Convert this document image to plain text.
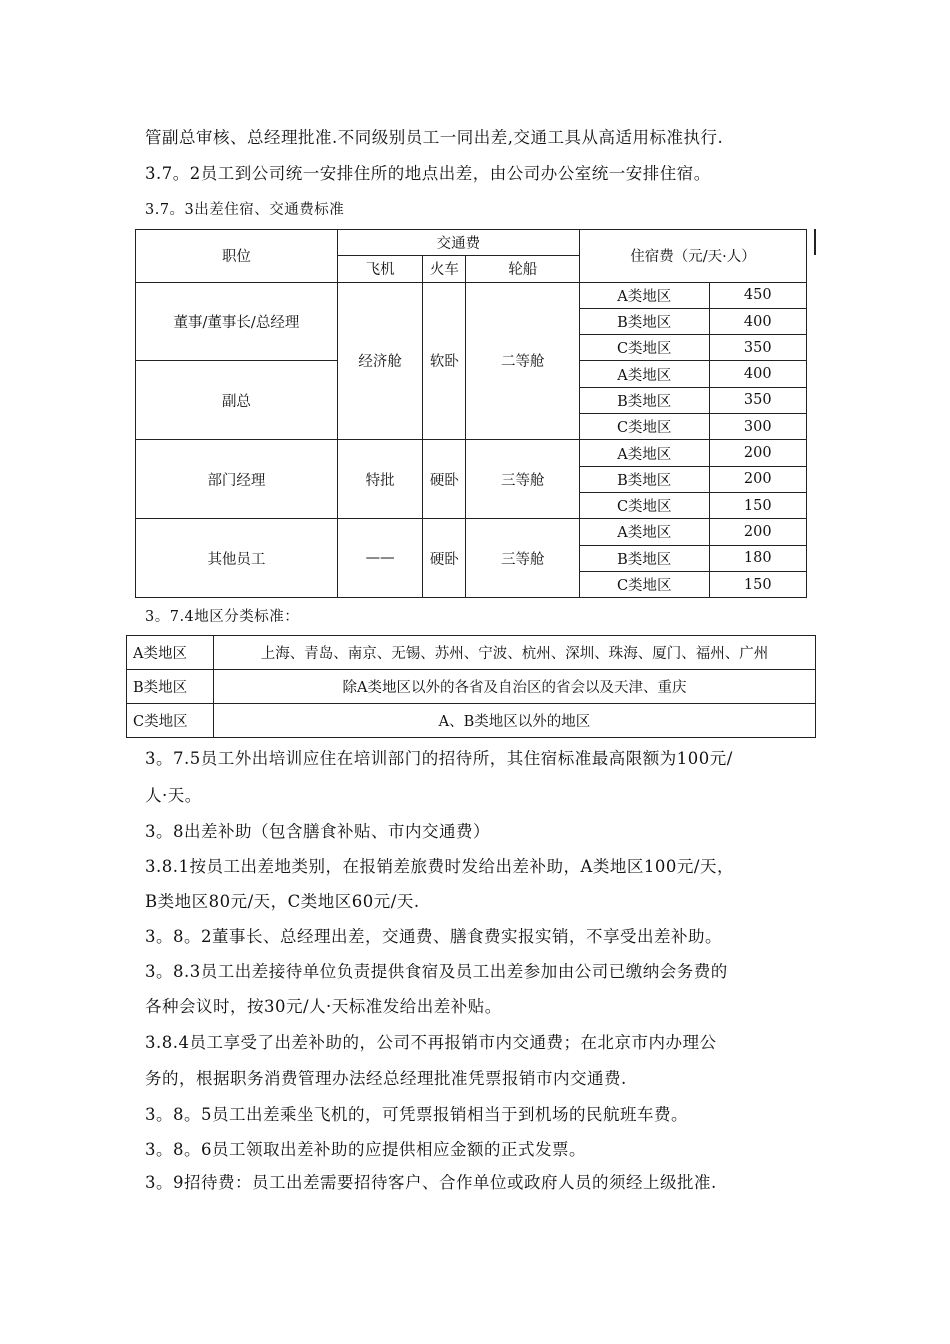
管副总审核、总经理批准.不同级别员工一同出差,交通工具从高适用标准执行.
3.7。2员工到公司统一安排住所的地点出差，由公司办公室统一安排住宿。
3.7。3出差住宿、交通费标准
职位	交通费			住宿费（元/天·人）	
	飞机	火车	轮船		
董事/董事长/总经理	经济舱	软卧	二等舱	A类地区	450
				B类地区	400
				C类地区	350
副总				A类地区	400
				B类地区	350
				C类地区	300
部门经理	特批	硬卧	三等舱	A类地区	200
				B类地区	200
				C类地区	150
其他员工	——	硬卧	三等舱	A类地区	200
				B类地区	180
				C类地区	150
3。7.4地区分类标准：
A类地区	上海、青岛、南京、无锡、苏州、宁波、杭州、深圳、珠海、厦门、福州、广州
B类地区	除A类地区以外的各省及自治区的省会以及天津、重庆
C类地区	A、B类地区以外的地区
3。7.5员工外出培训应住在培训部门的招待所，其住宿标准最高限额为100元/
人·天。
3。8出差补助（包含膳食补贴、市内交通费）
3.8.1按员工出差地类别，在报销差旅费时发给出差补助，A类地区100元/天，
B类地区80元/天，C类地区60元/天.
3。8。2董事长、总经理出差，交通费、膳食费实报实销，不享受出差补助。
3。8.3员工出差接待单位负责提供食宿及员工出差参加由公司已缴纳会务费的
各种会议时，按30元/人·天标准发给出差补贴。
3.8.4员工享受了出差补助的，公司不再报销市内交通费；在北京市内办理公
务的，根据职务消费管理办法经总经理批准凭票报销市内交通费.
3。8。5员工出差乘坐飞机的，可凭票报销相当于到机场的民航班车费。
3。8。6员工领取出差补助的应提供相应金额的正式发票。
3。9招待费：员工出差需要招待客户、合作单位或政府人员的须经上级批准.
